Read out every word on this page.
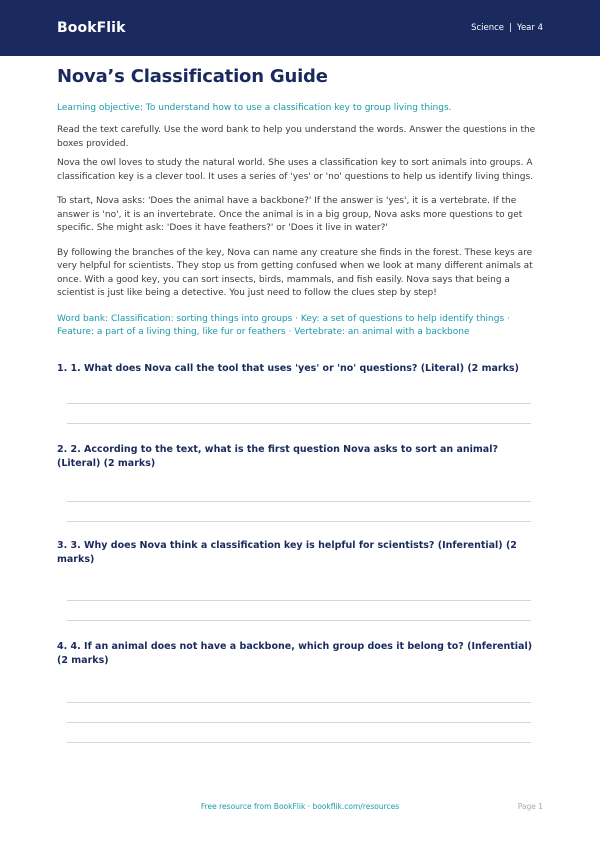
BookFlik	Science | Year 4
Nova’s Classification Guide
Learning objective: To understand how to use a classification key to group living things.
Read the text carefully. Use the word bank to help you understand the words. Answer the questions in the boxes provided.
Nova the owl loves to study the natural world. She uses a classification key to sort animals into groups. A classification key is a clever tool. It uses a series of 'yes' or 'no' questions to help us identify living things.
To start, Nova asks: 'Does the animal have a backbone?' If the answer is 'yes', it is a vertebrate. If the answer is 'no', it is an invertebrate. Once the animal is in a big group, Nova asks more questions to get specific. She might ask: 'Does it have feathers?' or 'Does it live in water?'
By following the branches of the key, Nova can name any creature she finds in the forest. These keys are very helpful for scientists. They stop us from getting confused when we look at many different animals at once. With a good key, you can sort insects, birds, mammals, and fish easily. Nova says that being a scientist is just like being a detective. You just need to follow the clues step by step!
Word bank: Classification: sorting things into groups · Key: a set of questions to help identify things · Feature: a part of a living thing, like fur or feathers · Vertebrate: an animal with a backbone
1. 1. What does Nova call the tool that uses 'yes' or 'no' questions? (Literal) (2 marks)
2. 2. According to the text, what is the first question Nova asks to sort an animal? (Literal) (2 marks)
3. 3. Why does Nova think a classification key is helpful for scientists? (Inferential) (2 marks)
4. 4. If an animal does not have a backbone, which group does it belong to? (Inferential) (2 marks)
Free resource from BookFlik · bookflik.com/resources	Page 1
